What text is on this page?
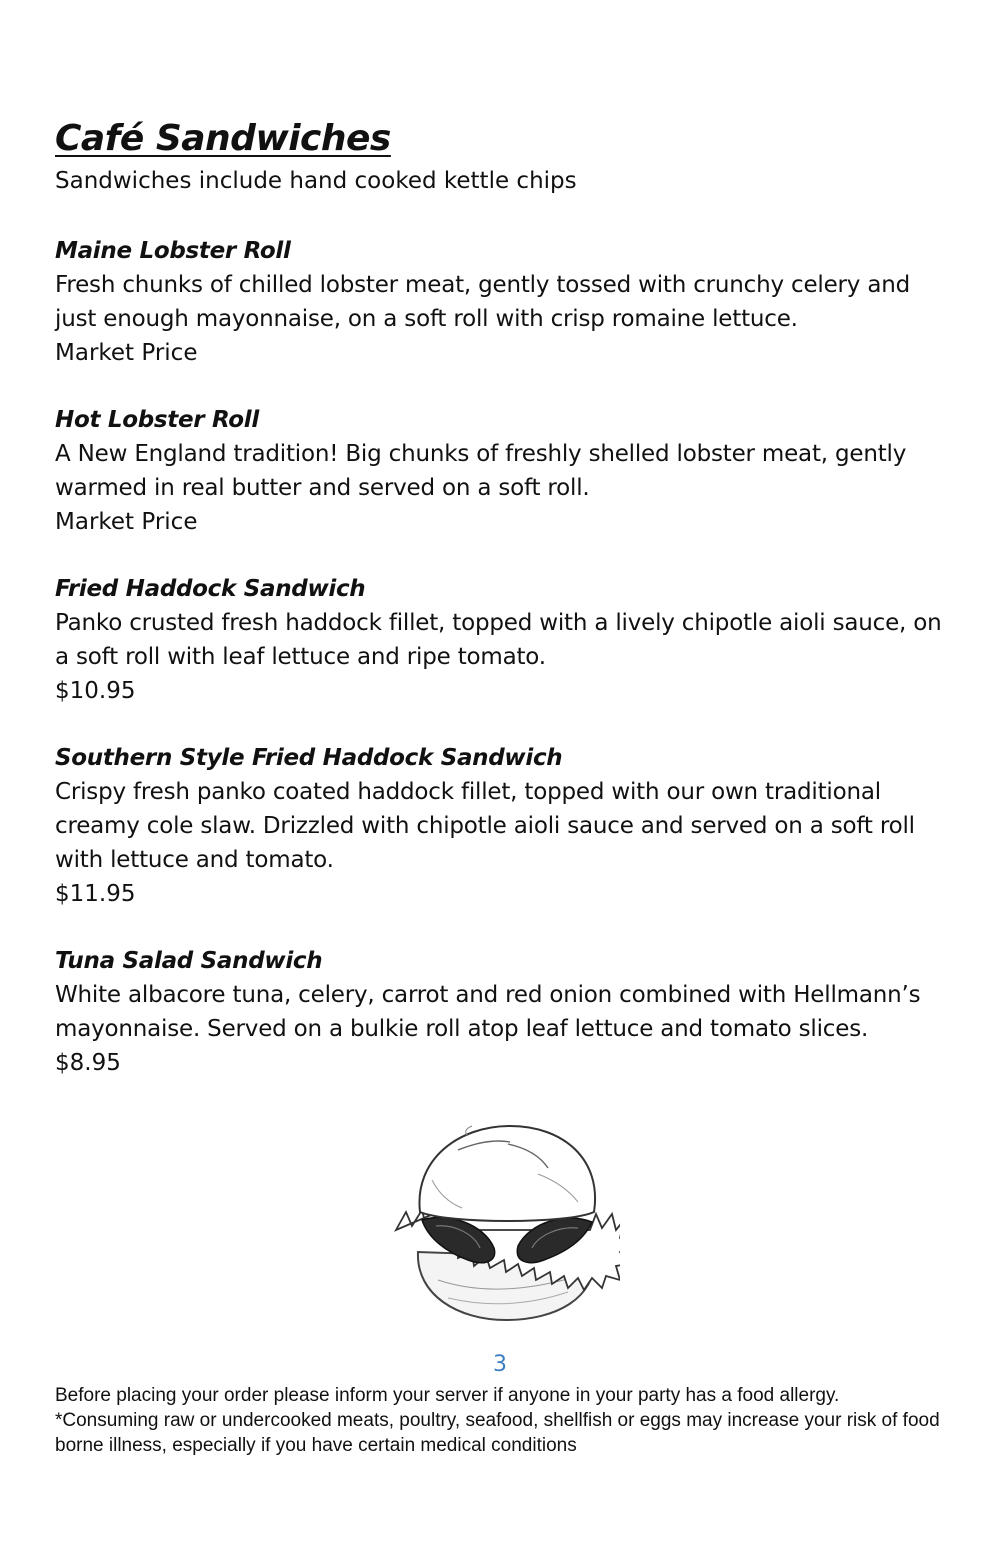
Café Sandwiches

Sandwiches include hand cooked kettle chips

Maine Lobster Roll

Fresh chunks of chilled lobster meat, gently tossed with crunchy celery and just enough mayonnaise, on a soft roll with crisp romaine lettuce.

Market Price

Hot Lobster Roll

A New England tradition! Big chunks of freshly shelled lobster meat, gently warmed in real butter and served on a soft roll.

Market Price

Fried Haddock Sandwich

Panko crusted fresh haddock fillet, topped with a lively chipotle aioli sauce, on a soft roll with leaf lettuce and ripe tomato.

$10.95

Southern Style Fried Haddock Sandwich

Crispy fresh panko coated haddock fillet, topped with our own traditional creamy cole slaw. Drizzled with chipotle aioli sauce and served on a soft roll with lettuce and tomato.

$11.95

Tuna Salad Sandwich

White albacore tuna, celery, carrot and red onion combined with Hellmann’s mayonnaise. Served on a bulkie roll atop leaf lettuce and tomato slices.

$8.95

3

Before placing your order please inform your server if anyone in your party has a food allergy.

*Consuming raw or undercooked meats, poultry, seafood, shellfish or eggs may increase your risk of food borne illness, especially if you have certain medical conditions
